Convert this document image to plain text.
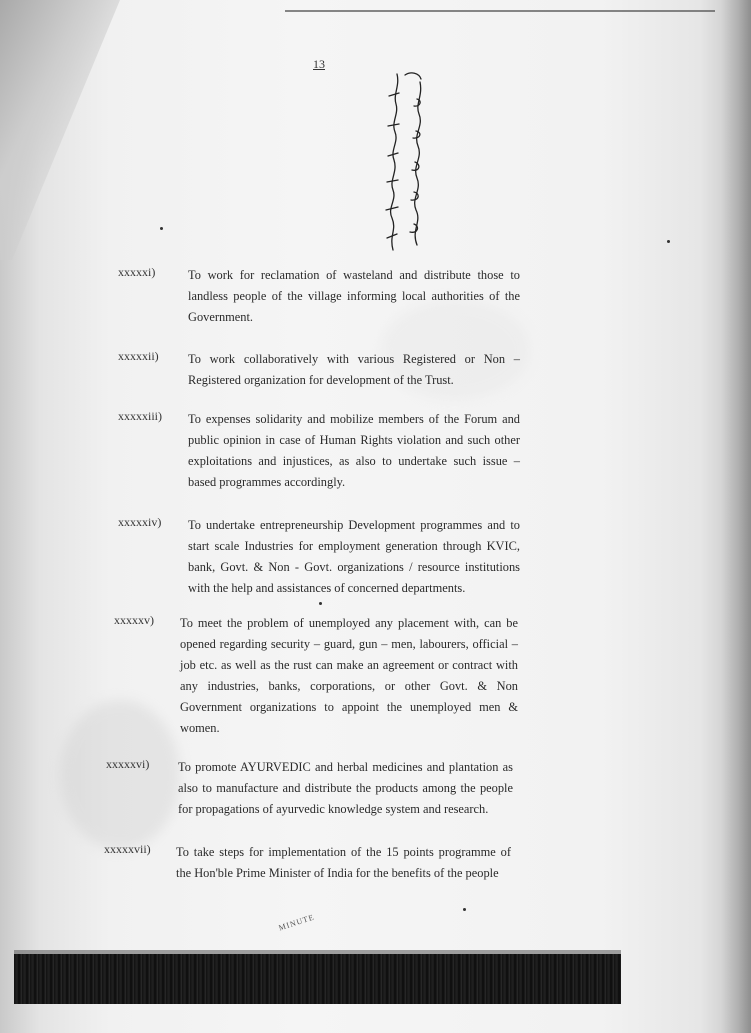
13
xxxxxi)	To work for reclamation of wasteland and distribute those to landless people of the village informing local authorities of the Government.
xxxxxii) To work collaboratively with various Registered or Non – Registered organization for development of the Trust.
xxxxxiii) To expenses solidarity and mobilize members of the Forum and public opinion in case of Human Rights violation and such other exploitations and injustices, as also to undertake such issue – based programmes accordingly.
xxxxxiv) To undertake entrepreneurship Development programmes and to start scale Industries for employment generation through KVIC, bank, Govt. & Non - Govt. organizations / resource institutions with the help and assistances of concerned departments.
xxxxxv) To meet the problem of unemployed any placement with, can be opened regarding security – guard, gun – men, labourers, official – job etc. as well as the rust can make an agreement or contract with any industries, banks, corporations, or other Govt. & Non Government organizations to appoint the unemployed men & women.
xxxxxvi) To promote AYURVEDIC and herbal medicines and plantation as also to manufacture and distribute the products among the people for propagations of ayurvedic knowledge system and research.
xxxxxvii) To take steps for implementation of the 15 points programme of the Hon'ble Prime Minister of India for the benefits of the people
MINUTE
